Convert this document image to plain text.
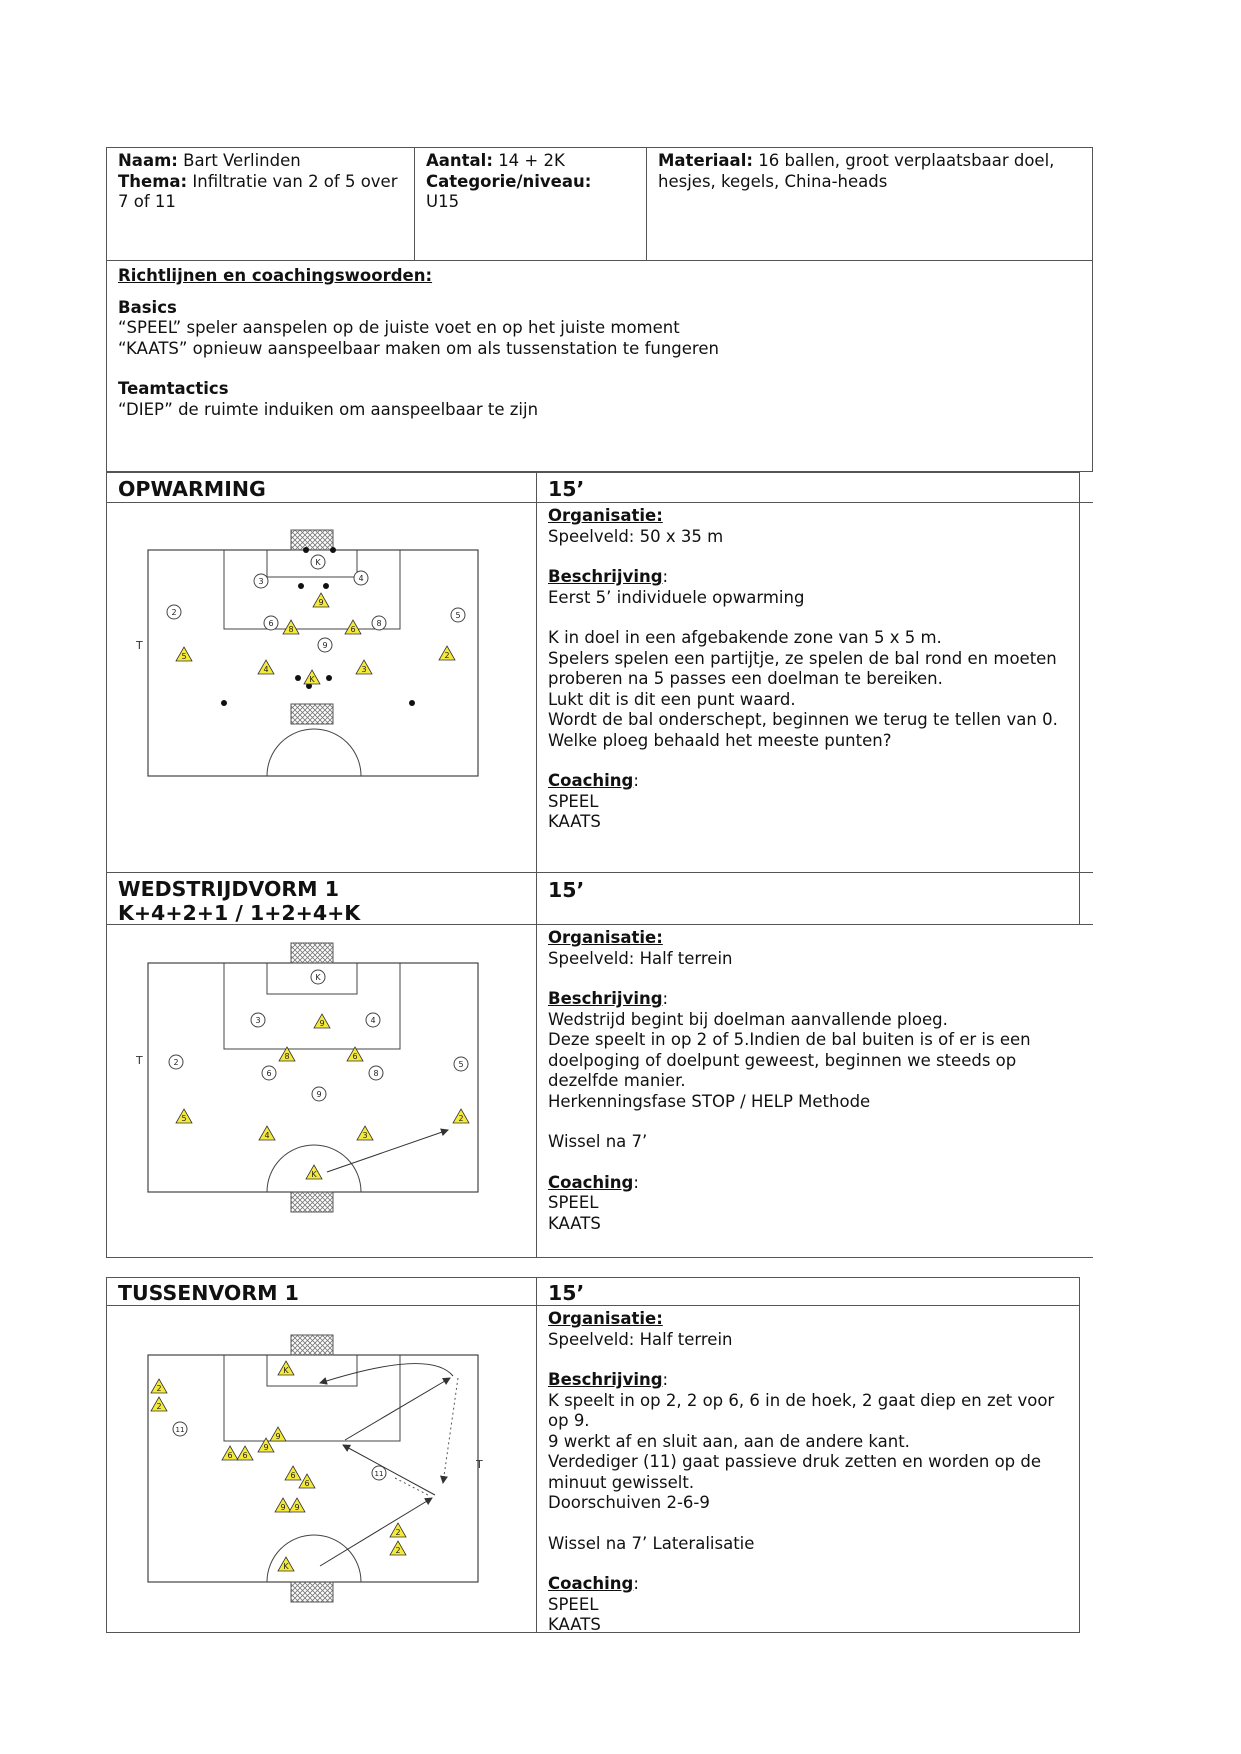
Naam: Bart Verlinden
Thema: Infiltratie van 2 of 5 over 7 of 11
Aantal: 14 + 2K
Categorie/niveau:
U15
Materiaal: 16 ballen, groot verplaatsbaar doel, hesjes, kegels, China-heads
Richtlijnen en coachingswoorden:
Basics
“SPEEL” speler aanspelen op de juiste voet en op het juiste moment
“KAATS” opnieuw aanspeelbaar maken om als tussenstation te fungeren
Teamtactics
“DIEP” de ruimte induiken om aanspeelbaar te zijn
OPWARMING	15’
Organisatie:
Speelveld: 50 x 35 m
Beschrijving:
Eerst 5’ individuele opwarming
K in doel in een afgebakende zone van 5 x 5 m.
Spelers spelen een partijtje, ze spelen de bal rond en moeten proberen na 5 passes een doelman te bereiken.
Lukt dit is dit een punt waard.
Wordt de bal onderschept, beginnen we terug te tellen van 0.
Welke ploeg behaald het meeste punten?
Coaching:
SPEEL
KAATS
T
K
3	4
2	5
6	8
9
9
8	6
5
4
K
3
2
WEDSTRIJDVORM 1
K+4+2+1 / 1+2+4+K
15’
Organisatie:
Speelveld: Half terrein
Beschrijving:
Wedstrijd begint bij doelman aanvallende ploeg.
Deze speelt in op 2 of 5.Indien de bal buiten is of er is een doelpoging of doelpunt geweest, beginnen we steeds op dezelfde manier.
Herkenningsfase STOP / HELP Methode
Wissel na 7’
Coaching:
SPEEL
KAATS
T
K
3	4
2	5
6	8
9
9
8	6
5
4	3
2
K
TUSSENVORM 1	15’
Organisatie:
Speelveld: Half terrein
Beschrijving:
K speelt in op 2, 2 op 6, 6 in de hoek, 2 gaat diep en zet voor op 9.
9 werkt af en sluit aan, aan de andere kant.
Verdediger (11) gaat passieve druk zetten en worden op de minuut gewisselt.
Doorschuiven 2-6-9
Wissel na 7’ Lateralisatie
Coaching:
SPEEL
KAATS
T
11
11
K
2
2
9
9
6 6
6
6
9 9
2
2
K
